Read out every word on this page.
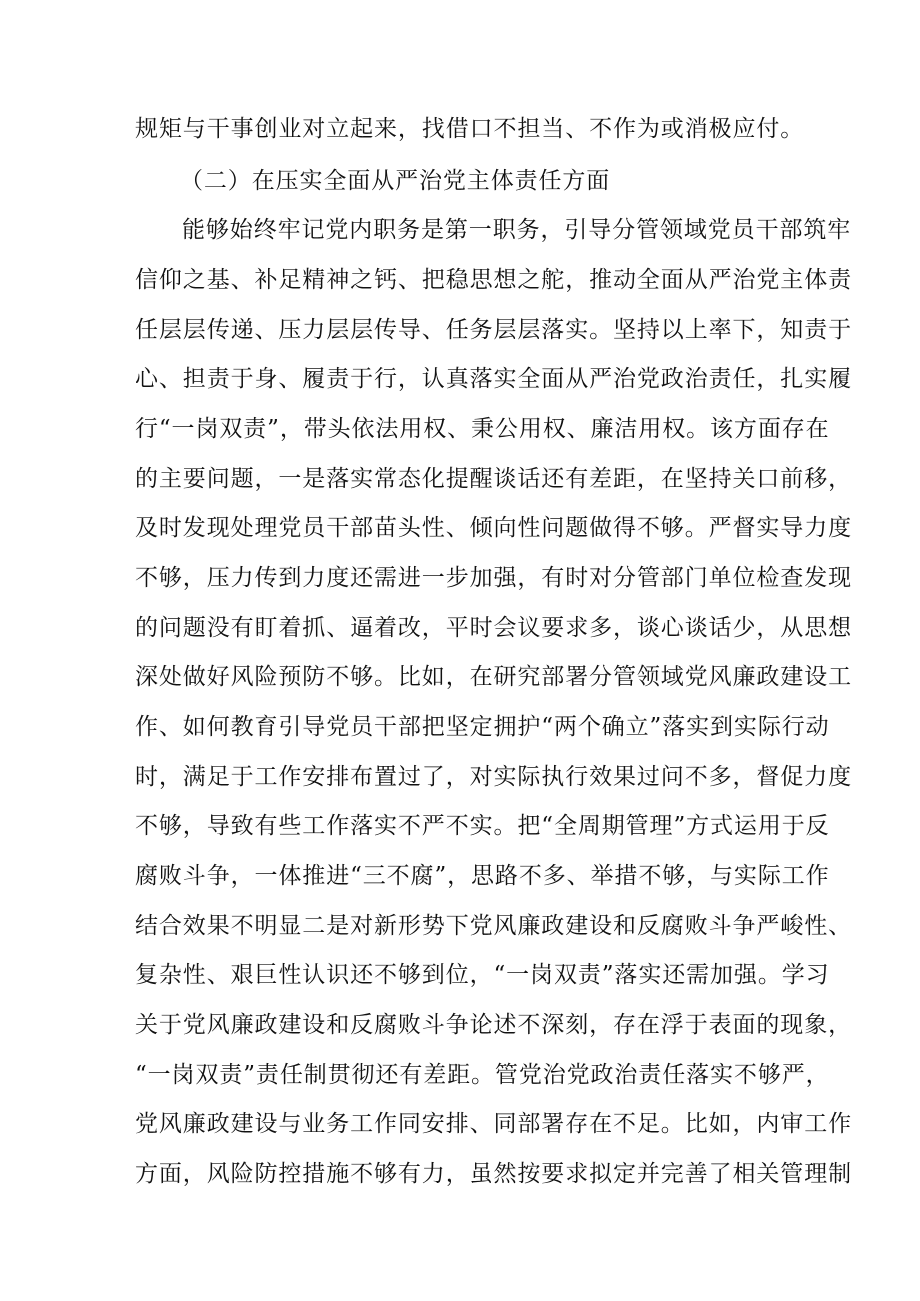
规矩与干事创业对立起来，找借口不担当、不作为或消极应付。
（二）在压实全面从严治党主体责任方面
能够始终牢记党内职务是第一职务，引导分管领域党员干部筑牢
信仰之基、补足精神之钙、把稳思想之舵，推动全面从严治党主体责
任层层传递、压力层层传导、任务层层落实。坚持以上率下，知责于
心、担责于身、履责于行，认真落实全面从严治党政治责任，扎实履
行“一岗双责”，带头依法用权、秉公用权、廉洁用权。该方面存在
的主要问题，一是落实常态化提醒谈话还有差距，在坚持关口前移，
及时发现处理党员干部苗头性、倾向性问题做得不够。严督实导力度
不够，压力传到力度还需进一步加强，有时对分管部门单位检查发现
的问题没有盯着抓、逼着改，平时会议要求多，谈心谈话少，从思想
深处做好风险预防不够。比如，在研究部署分管领域党风廉政建设工
作、如何教育引导党员干部把坚定拥护“两个确立”落实到实际行动
时，满足于工作安排布置过了，对实际执行效果过问不多，督促力度
不够，导致有些工作落实不严不实。把“全周期管理”方式运用于反
腐败斗争，一体推进“三不腐”，思路不多、举措不够，与实际工作
结合效果不明显二是对新形势下党风廉政建设和反腐败斗争严峻性、
复杂性、艰巨性认识还不够到位，“一岗双责”落实还需加强。学习
关于党风廉政建设和反腐败斗争论述不深刻，存在浮于表面的现象，
“一岗双责”责任制贯彻还有差距。管党治党政治责任落实不够严，
党风廉政建设与业务工作同安排、同部署存在不足。比如，内审工作
方面，风险防控措施不够有力，虽然按要求拟定并完善了相关管理制
